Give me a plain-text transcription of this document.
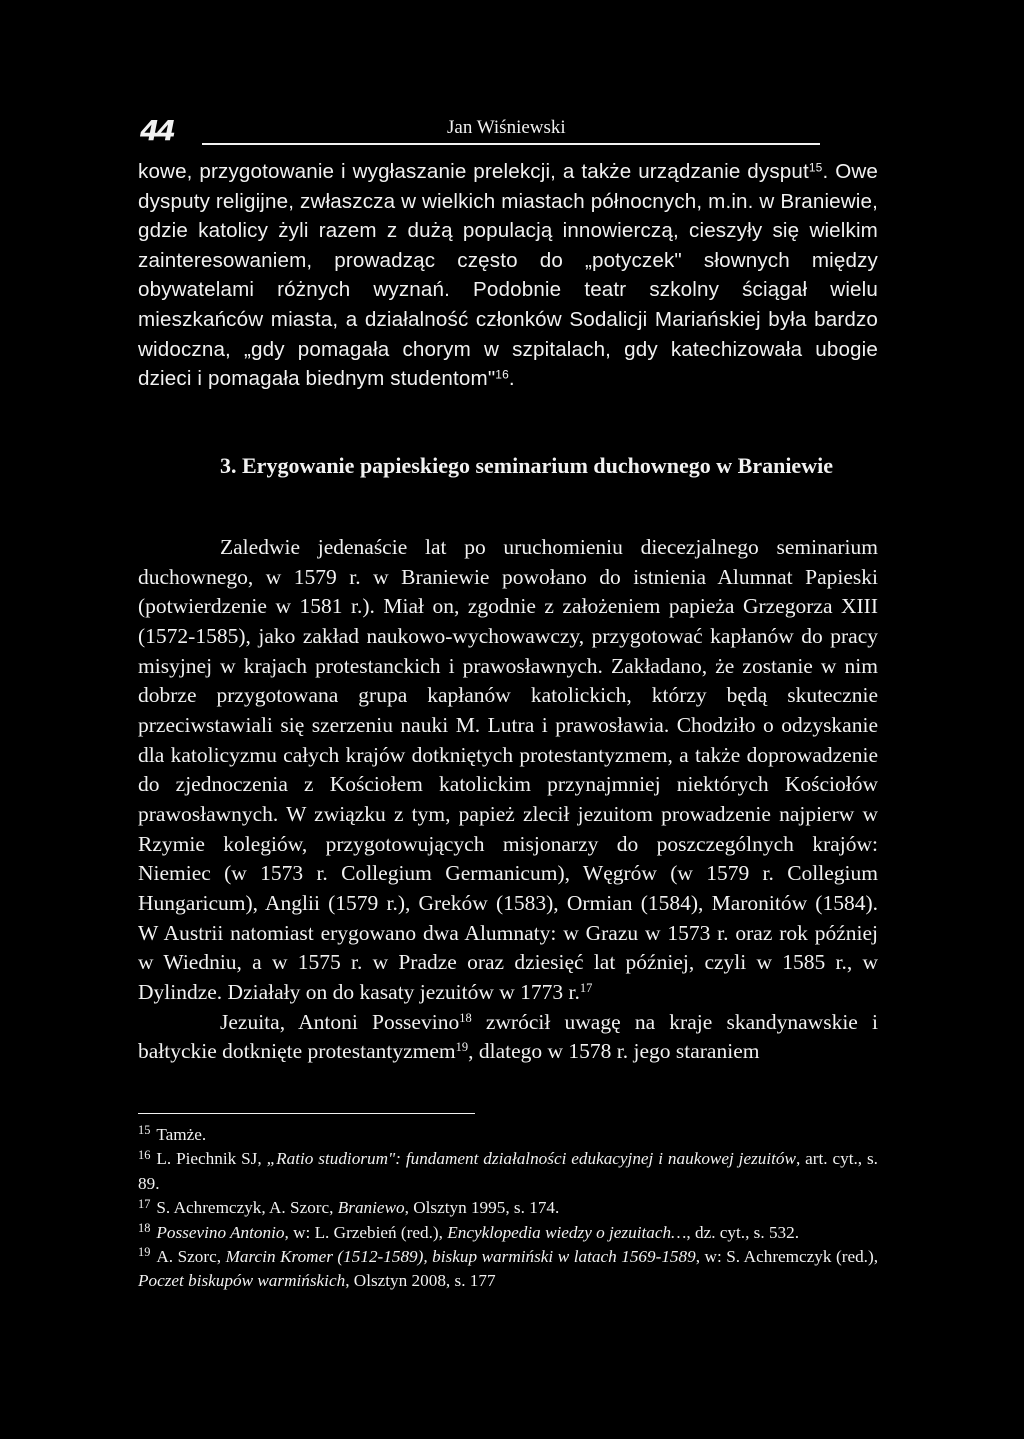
44	Jan Wiśniewski

kowe, przygotowanie i wygłaszanie prelekcji, a także urządzanie dysput$^{15}$. Owe dysputy religijne, zwłaszcza w wielkich miastach północnych, m.in. w Braniewie, gdzie katolicy żyli razem z dużą populacją innowierczą, cieszyły się wielkim zainteresowaniem, prowadząc często do „potyczek" słownych między obywatelami różnych wyznań. Podobnie teatr szkolny ściągał wielu mieszkańców miasta, a działalność członków Sodalicji Mariańskiej była bardzo widoczna, „gdy pomagała chorym w szpitalach, gdy katechizowała ubogie dzieci i pomagała biednym studentom"$^{16}$.

3. Erygowanie papieskiego seminarium duchownego w Braniewie

Zaledwie jedenaście lat po uruchomieniu diecezjalnego seminarium duchownego, w 1579 r. w Braniewie powołano do istnienia Alumnat Papieski (potwierdzenie w 1581 r.). Miał on, zgodnie z założeniem papieża Grzegorza XIII (1572-1585), jako zakład naukowo-wychowawczy, przygotować kapłanów do pracy misyjnej w krajach protestanckich i prawosławnych. Zakładano, że zostanie w nim dobrze przygotowana grupa kapłanów katolickich, którzy będą skutecznie przeciwstawiali się szerzeniu nauki M. Lutra i prawosławia. Chodziło o odzyskanie dla katolicyzmu całych krajów dotkniętych protestantyzmem, a także doprowadzenie do zjednoczenia z Kościołem katolickim przynajmniej niektórych Kościołów prawosławnych. W związku z tym, papież zlecił jezuitom prowadzenie najpierw w Rzymie kolegiów, przygotowujących misjonarzy do poszczególnych krajów: Niemiec (w 1573 r. Collegium Germanicum), Węgrów (w 1579 r. Collegium Hungaricum), Anglii (1579 r.), Greków (1583), Ormian (1584), Maronitów (1584). W Austrii natomiast erygowano dwa Alumnaty: w Grazu w 1573 r. oraz rok później w Wiedniu, a w 1575 r. w Pradze oraz dziesięć lat później, czyli w 1585 r., w Dylindze. Działały on do kasaty jezuitów w 1773 r.$^{17}$

Jezuita, Antoni Possevino$^{18}$ zwrócił uwagę na kraje skandynawskie i bałtyckie dotknięte protestantyzmem$^{19}$, dlatego w 1578 r. jego staraniem

$^{15}$ Tamże.

$^{16}$ L. Piechnik SJ, „Ratio studiorum": fundament działalności edukacyjnej i naukowej jezuitów, art. cyt., s. 89.

$^{17}$ S. Achremczyk, A. Szorc, Braniewo, Olsztyn 1995, s. 174.

$^{18}$ Possevino Antonio, w: L. Grzebień (red.), Encyklopedia wiedzy o jezuitach…, dz. cyt., s. 532.

$^{19}$ A. Szorc, Marcin Kromer (1512-1589), biskup warmiński w latach 1569-1589, w: S. Achremczyk (red.), Poczet biskupów warmińskich, Olsztyn 2008, s. 177
